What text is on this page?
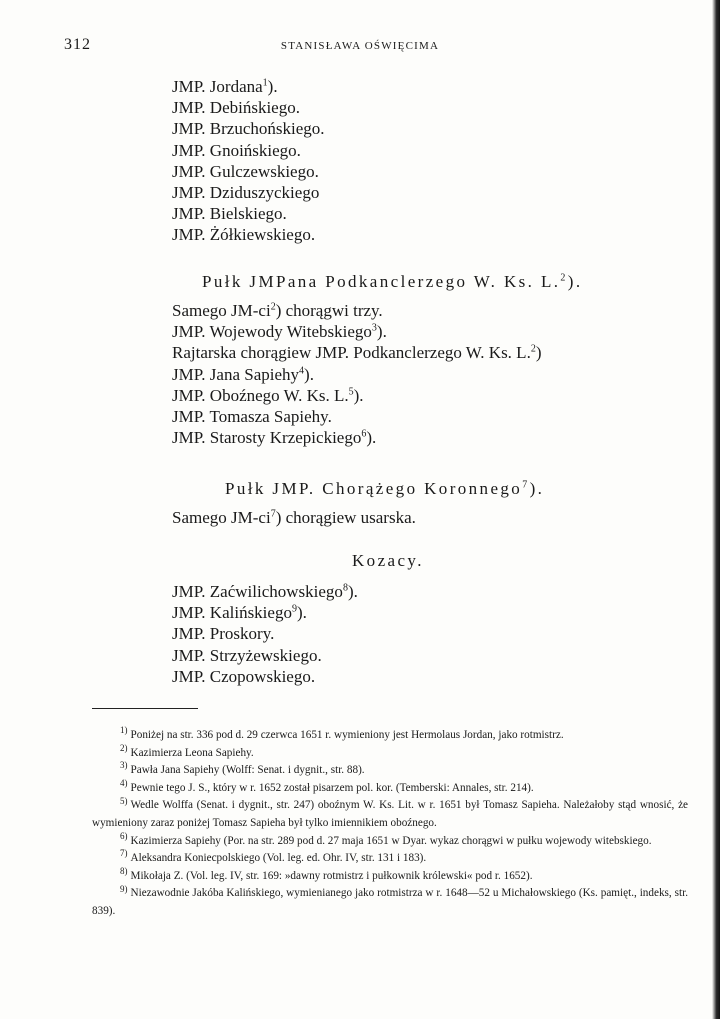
312	STANISŁAWA OŚWIĘCIMA
JMP. Jordana$^1$).
JMP. Debińskiego.
JMP. Brzuchońskiego.
JMP. Gnoińskiego.
JMP. Gulczewskiego.
JMP. Dziduszyckiego
JMP. Bielskiego.
JMP. Żółkiewskiego.
Pułk JMPana Podkanclerzego W. Ks. L.$^2$).
Samego $JM-ci^2$) chorągwi trzy.
JMP. Wojewody Witebskiego$^3$).
Rajtarska chorągiew JMP. Podkanclerzego W. Ks. L.$^2$)
JMP. Jana Sapiehy$^4$).
JMP. Oboźnego W. Ks. L.$^5$).
JMP. Tomasza Sapiehy.
JMP. Starosty Krzepickiego$^6$).
Pułk JMP. Chorążego Koronnego$^7$).
Samego $JM-ci^7$) chorągiew usarska.
Kozacy.
JMP. Zaćwilichowskiego$^8$).
JMP. Kalińskiego$^9$).
JMP. Proskory.
JMP. Strzyżewskiego.
JMP. Czopowskiego.
$^{1)}$ Poniżej na str. 336 pod d. 29 czerwca 1651 r. wymieniony jest Hermolaus Jordan, jako rotmistrz.
$^{2)}$ Kazimierza Leona Sapiehy.
$^{3)}$ Pawła Jana Sapiehy (Wolff: Senat. i dygnit., str. 88).
$^{4)}$ Pewnie tego J. S., który w r. 1652 został pisarzem pol. kor. (Temberski: Annales, str. 214).
$^{5)}$ Wedle Wolffa (Senat. i dygnit., str. 247) oboźnym W. Ks. Lit. w r. 1651 był Tomasz Sapieha. Należałoby stąd wnosić, że wymieniony zaraz poniżej Tomasz Sapieha był tylko imiennikiem oboźnego.
$^{6)}$ Kazimierza Sapiehy (Por. na str. 289 pod d. 27 maja 1651 w Dyar. wykaz chorągwi w pułku wojewody witebskiego.
$^{7)}$ Aleksandra Koniecpolskiego (Vol. leg. ed. Ohr. IV, str. 131 i 183).
$^{8)}$ Mikołaja Z. (Vol. leg. IV, str. 169: »dawny rotmistrz i pułkownik królewski« pod r. 1652).
$^{9)}$ Niezawodnie Jakóba Kalińskiego, wymienianego jako rotmistrza w r. 1648—52 u Michałowskiego (Ks. pamięt., indeks, str. 839).
